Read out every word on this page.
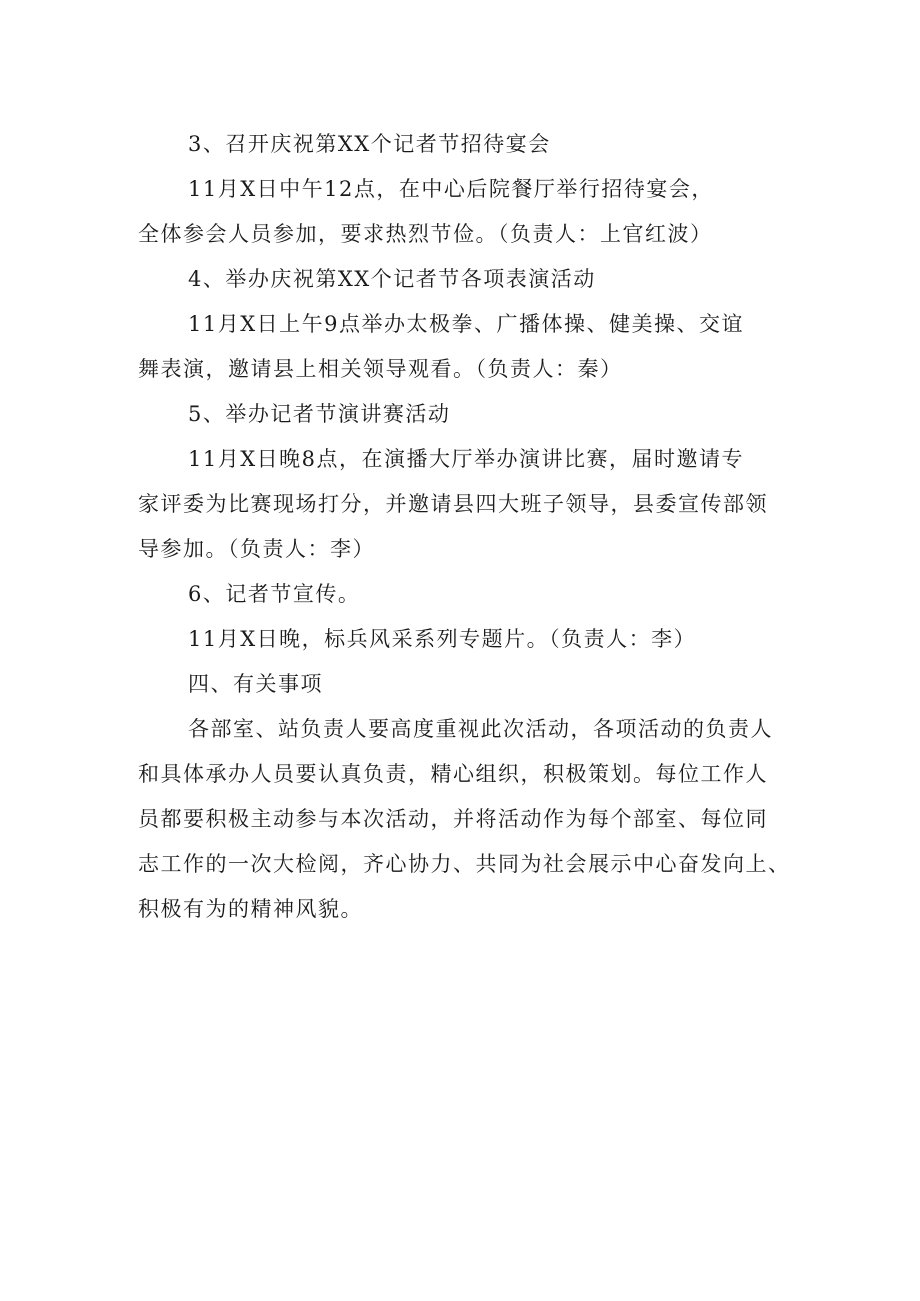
3、召开庆祝第XX个记者节招待宴会
11月X日中午12点，在中心后院餐厅举行招待宴会，
全体参会人员参加，要求热烈节俭。（负责人：上官红波）
4、举办庆祝第XX个记者节各项表演活动
11月X日上午9点举办太极拳、广播体操、健美操、交谊
舞表演，邀请县上相关领导观看。（负责人：秦）
5、举办记者节演讲赛活动
11月X日晚8点，在演播大厅举办演讲比赛，届时邀请专
家评委为比赛现场打分，并邀请县四大班子领导，县委宣传部领
导参加。（负责人：李）
6、记者节宣传。
11月X日晚，标兵风采系列专题片。（负责人：李）
四、有关事项
各部室、站负责人要高度重视此次活动，各项活动的负责人
和具体承办人员要认真负责，精心组织，积极策划。每位工作人
员都要积极主动参与本次活动，并将活动作为每个部室、每位同
志工作的一次大检阅，齐心协力、共同为社会展示中心奋发向上、
积极有为的精神风貌。
